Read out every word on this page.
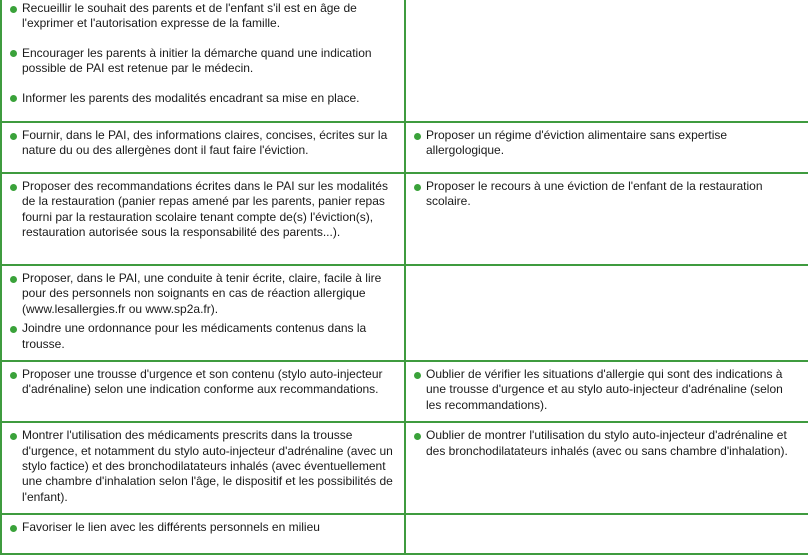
Recueillir le souhait des parents et de l'enfant s'il est en âge de l'exprimer et l'autorisation expresse de la famille.
Encourager les parents à initier la démarche quand une indication possible de PAI est retenue par le médecin.
Informer les parents des modalités encadrant sa mise en place.	

Fournir, dans le PAI, des informations claires, concises, écrites sur la nature du ou des allergènes dont il faut faire l'éviction.	Proposer un régime d'éviction alimentaire sans expertise allergologique.

Proposer des recommandations écrites dans le PAI sur les modalités de la restauration (panier repas amené par les parents, panier repas fourni par la restauration scolaire tenant compte de(s) l'éviction(s), restauration autorisée sous la responsabilité des parents...).	Proposer le recours à une éviction de l'enfant de la restauration scolaire.

Proposer, dans le PAI, une conduite à tenir écrite, claire, facile à lire pour des personnels non soignants en cas de réaction allergique (www.lesallergies.fr ou www.sp2a.fr).
Joindre une ordonnance pour les médicaments contenus dans la trousse.	

Proposer une trousse d'urgence et son contenu (stylo auto-injecteur d'adrénaline) selon une indication conforme aux recommandations.	Oublier de vérifier les situations d'allergie qui sont des indications à une trousse d'urgence et au stylo auto-injecteur d'adrénaline (selon les recommandations).

Montrer l'utilisation des médicaments prescrits dans la trousse d'urgence, et notamment du stylo auto-injecteur d'adrénaline (avec un stylo factice) et des bronchodilatateurs inhalés (avec éventuellement une chambre d'inhalation selon l'âge, le dispositif et les possibilités de l'enfant).	Oublier de montrer l'utilisation du stylo auto-injecteur d'adrénaline et des bronchodilatateurs inhalés (avec ou sans chambre d'inhalation).

Favoriser le lien avec les différents personnels en milieu	
